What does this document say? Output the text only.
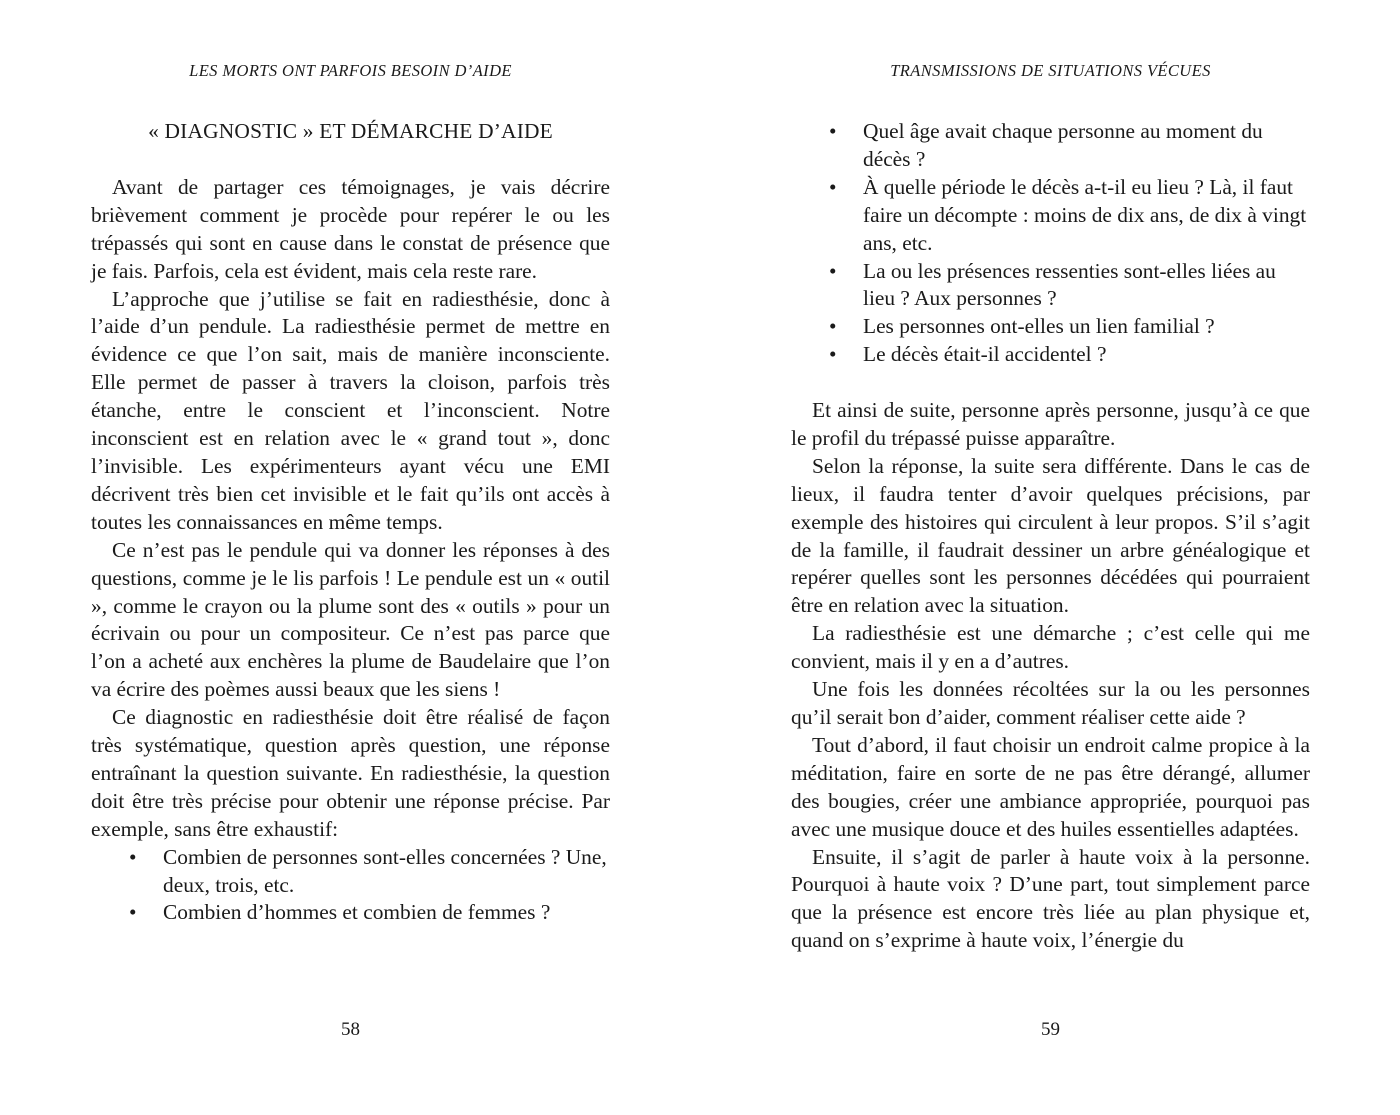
LES MORTS ONT PARFOIS BESOIN D’AIDE
« DIAGNOSTIC » ET DÉMARCHE D’AIDE

Avant de partager ces témoignages, je vais décrire brièvement comment je procède pour repérer le ou les trépassés qui sont en cause dans le constat de présence que je fais. Parfois, cela est évident, mais cela reste rare.

L’approche que j’utilise se fait en radiesthésie, donc à l’aide d’un pendule. La radiesthésie permet de mettre en évidence ce que l’on sait, mais de manière inconsciente. Elle permet de passer à travers la cloison, parfois très étanche, entre le conscient et l’inconscient. Notre inconscient est en relation avec le « grand tout », donc l’invisible. Les expérimenteurs ayant vécu une EMI décrivent très bien cet invisible et le fait qu’ils ont accès à toutes les connaissances en même temps.

Ce n’est pas le pendule qui va donner les réponses à des questions, comme je le lis parfois ! Le pendule est un « outil », comme le crayon ou la plume sont des « outils » pour un écrivain ou pour un compositeur. Ce n’est pas parce que l’on a acheté aux enchères la plume de Baudelaire que l’on va écrire des poèmes aussi beaux que les siens !

Ce diagnostic en radiesthésie doit être réalisé de façon très systématique, question après question, une réponse entraînant la question suivante. En radiesthésie, la question doit être très précise pour obtenir une réponse précise. Par exemple, sans être exhaustif:

• Combien de personnes sont-elles concernées ? Une, deux, trois, etc.
• Combien d’hommes et combien de femmes ?
58
TRANSMISSIONS DE SITUATIONS VÉCUES
• Quel âge avait chaque personne au moment du décès ?
• À quelle période le décès a-t-il eu lieu ? Là, il faut faire un décompte : moins de dix ans, de dix à vingt ans, etc.
• La ou les présences ressenties sont-elles liées au lieu ? Aux personnes ?
• Les personnes ont-elles un lien familial ?
• Le décès était-il accidentel ?

Et ainsi de suite, personne après personne, jusqu’à ce que le profil du trépassé puisse apparaître.

Selon la réponse, la suite sera différente. Dans le cas de lieux, il faudra tenter d’avoir quelques précisions, par exemple des histoires qui circulent à leur propos. S’il s’agit de la famille, il faudrait dessiner un arbre généalogique et repérer quelles sont les personnes décédées qui pourraient être en relation avec la situation.

La radiesthésie est une démarche ; c’est celle qui me convient, mais il y en a d’autres.

Une fois les données récoltées sur la ou les personnes qu’il serait bon d’aider, comment réaliser cette aide ?

Tout d’abord, il faut choisir un endroit calme propice à la méditation, faire en sorte de ne pas être dérangé, allumer des bougies, créer une ambiance appropriée, pourquoi pas avec une musique douce et des huiles essentielles adaptées.

Ensuite, il s’agit de parler à haute voix à la personne. Pourquoi à haute voix ? D’une part, tout simplement parce que la présence est encore très liée au plan physique et, quand on s’exprime à haute voix, l’énergie du

59
